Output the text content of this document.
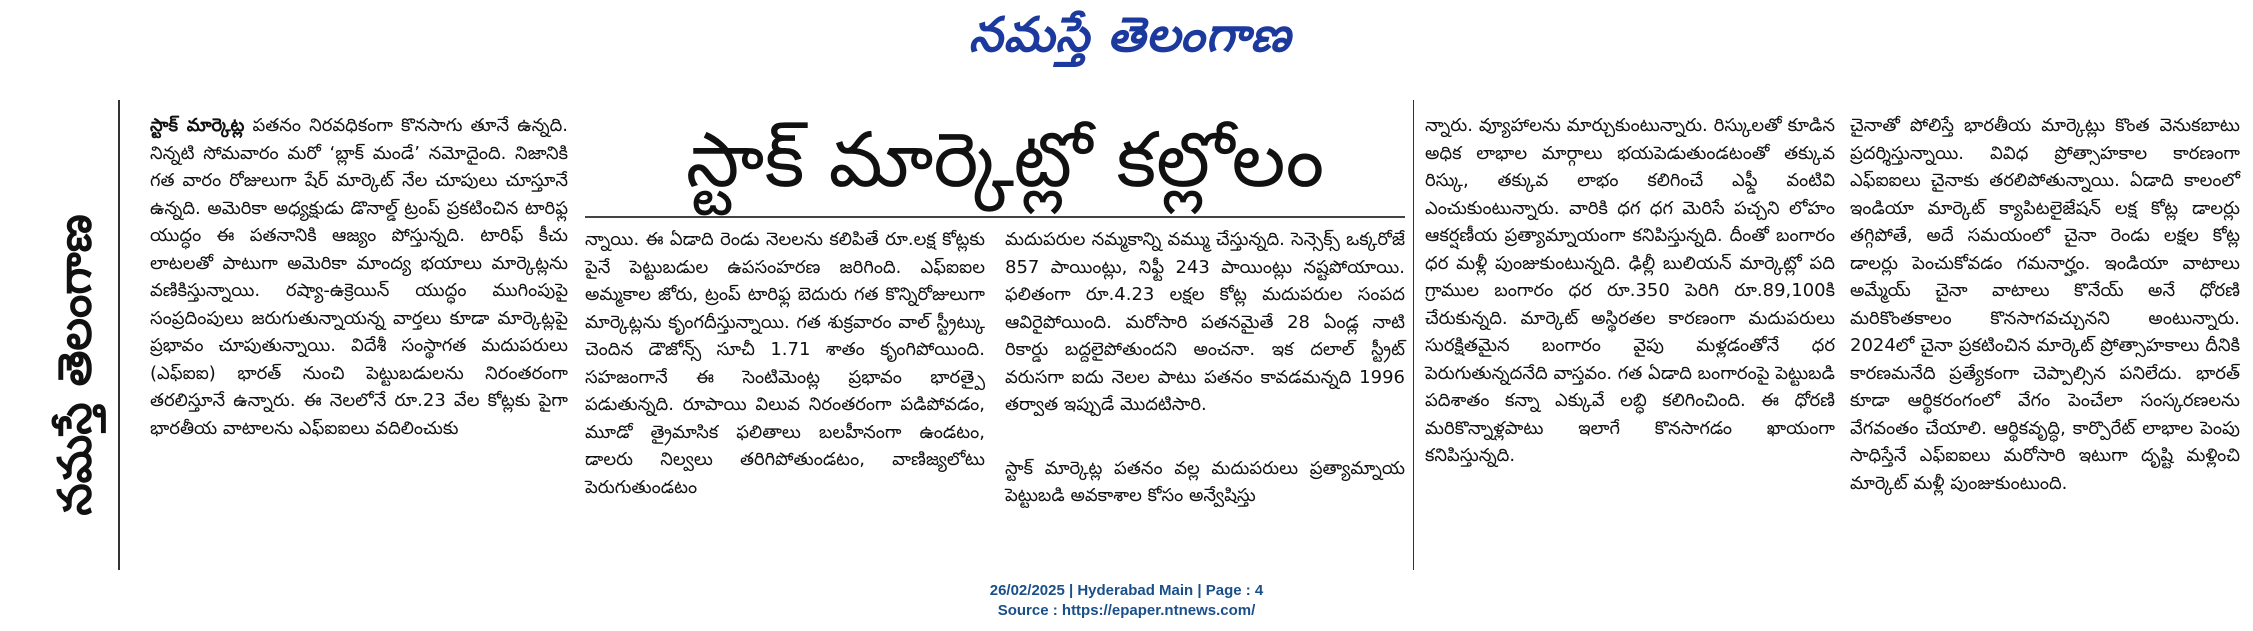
నమస్తే తెలంగాణ
నమస్తే తెలంగాణ

స్టాక్ మార్కెట్ల పతనం నిరవధికంగా కొనసాగు తూనే ఉన్నది. నిన్నటి సోమవారం మరో ‘బ్లాక్ మండే’ నమోదైంది. నిజానికి గత వారం రోజులుగా షేర్ మార్కెట్ నేల చూపులు చూస్తూనే ఉన్నది. అమెరికా అధ్యక్షుడు డొనాల్డ్ ట్రంప్ ప్రకటించిన టారిఫ్ల యుద్ధం ఈ పతనానికి ఆజ్యం పోస్తున్నది. టారిఫ్ కీచు లాటలతో పాటుగా అమెరికా మాంద్య భయాలు మార్కెట్లను వణికిస్తున్నాయి. రష్యా-ఉక్రెయిన్ యుద్ధం ముగింపుపై సంప్రదింపులు జరుగుతున్నాయన్న వార్తలు కూడా మార్కెట్లపై ప్రభావం చూపుతున్నాయి. విదేశీ సంస్థాగత మదుపరులు (ఎఫ్ఐఐ) భారత్ నుంచి పెట్టుబడులను నిరంతరంగా తరలిస్తూనే ఉన్నారు. ఈ నెలలోనే రూ.23 వేల కోట్లకు పైగా భారతీయ వాటాలను ఎఫ్ఐఐలు వదిలించుకు

స్టాక్ మార్కెట్లో కల్లోలం

న్నాయి. ఈ ఏడాది రెండు నెలలను కలిపితే రూ.లక్ష కోట్లకు పైనే పెట్టుబడుల ఉపసంహరణ జరిగింది. ఎఫ్ఐఐల అమ్మకాల జోరు, ట్రంప్ టారిఫ్ల బెదురు గత కొన్నిరోజులుగా మార్కెట్లను కృంగదీస్తున్నాయి. గత శుక్రవారం వాల్ స్ట్రీట్కు చెందిన డౌజోన్స్ సూచీ 1.71 శాతం కృంగిపోయింది. సహజంగానే ఈ సెంటిమెంట్ల ప్రభావం భారత్పై పడుతున్నది. రూపాయి విలువ నిరంతరంగా పడిపోవడం, మూడో త్రైమాసిక ఫలితాలు బలహీనంగా ఉండటం, డాలరు నిల్వలు తరిగిపోతుండటం, వాణిజ్యలోటు పెరుగుతుండటం

మదుపరుల నమ్మకాన్ని వమ్ము చేస్తున్నది. సెన్సెక్స్ ఒక్కరోజే 857 పాయింట్లు, నిఫ్టీ 243 పాయింట్లు నష్టపోయాయి. ఫలితంగా రూ.4.23 లక్షల కోట్ల మదుపరుల సంపద ఆవిరైపోయింది. మరోసారి పతనమైతే 28 ఏండ్ల నాటి రికార్డు బద్దలైపోతుందని అంచనా. ఇక దలాల్ స్ట్రీట్ వరుసగా ఐదు నెలల పాటు పతనం కావడమన్నది 1996 తర్వాత ఇప్పుడే మొదటిసారి.

స్టాక్ మార్కెట్ల పతనం వల్ల మదుపరులు ప్రత్యామ్నాయ పెట్టుబడి అవకాశాల కోసం అన్వేషిస్తు

న్నారు. వ్యూహాలను మార్చుకుంటున్నారు. రిస్కులతో కూడిన అధిక లాభాల మార్గాలు భయపెడుతుండటంతో తక్కువ రిస్కు, తక్కువ లాభం కలిగించే ఎఫ్డీ వంటివి ఎంచుకుంటున్నారు. వారికి ధగ ధగ మెరిసే పచ్చని లోహం ఆకర్షణీయ ప్రత్యామ్నాయంగా కనిపిస్తున్నది. దీంతో బంగారం ధర మళ్లీ పుంజుకుంటున్నది. ఢిల్లీ బులియన్ మార్కెట్లో పది గ్రాముల బంగారం ధర రూ.350 పెరిగి రూ.89,100కి చేరుకున్నది. మార్కెట్ అస్థిరతల కారణంగా మదుపరులు సురక్షితమైన బంగారం వైపు మళ్లడంతోనే ధర పెరుగుతున్నదనేది వాస్తవం. గత ఏడాది బంగారంపై పెట్టుబడి పదిశాతం కన్నా ఎక్కువే లబ్ధి కలిగించింది. ఈ ధోరణి మరికొన్నాళ్లపాటు ఇలాగే కొనసాగడం ఖాయంగా కనిపిస్తున్నది.

చైనాతో పోలిస్తే భారతీయ మార్కెట్లు కొంత వెనుకబాటు ప్రదర్శిస్తున్నాయి. వివిధ ప్రోత్సాహకాల కారణంగా ఎఫ్ఐఐలు చైనాకు తరలిపోతున్నాయి. ఏడాది కాలంలో ఇండియా మార్కెట్ క్యాపిటలైజేషన్ లక్ష కోట్ల డాలర్లు తగ్గిపోతే, అదే సమయంలో చైనా రెండు లక్షల కోట్ల డాలర్లు పెంచుకోవడం గమనార్హం. ఇండియా వాటాలు అమ్మేయ్ చైనా వాటాలు కొనేయ్ అనే ధోరణి మరికొంతకాలం కొనసాగవచ్చునని అంటున్నారు. 2024లో చైనా ప్రకటించిన మార్కెట్ ప్రోత్సాహకాలు దీనికి కారణమనేది ప్రత్యేకంగా చెప్పాల్సిన పనిలేదు. భారత్ కూడా ఆర్థికరంగంలో వేగం పెంచేలా సంస్కరణలను వేగవంతం చేయాలి. ఆర్థికవృద్ధి, కార్పొరేట్ లాభాల పెంపు సాధిస్తేనే ఎఫ్ఐఐలు మరోసారి ఇటుగా దృష్టి మళ్లించి మార్కెట్ మళ్లీ పుంజుకుంటుంది.

26/02/2025 | Hyderabad Main | Page : 4
Source : https://epaper.ntnews.com/
